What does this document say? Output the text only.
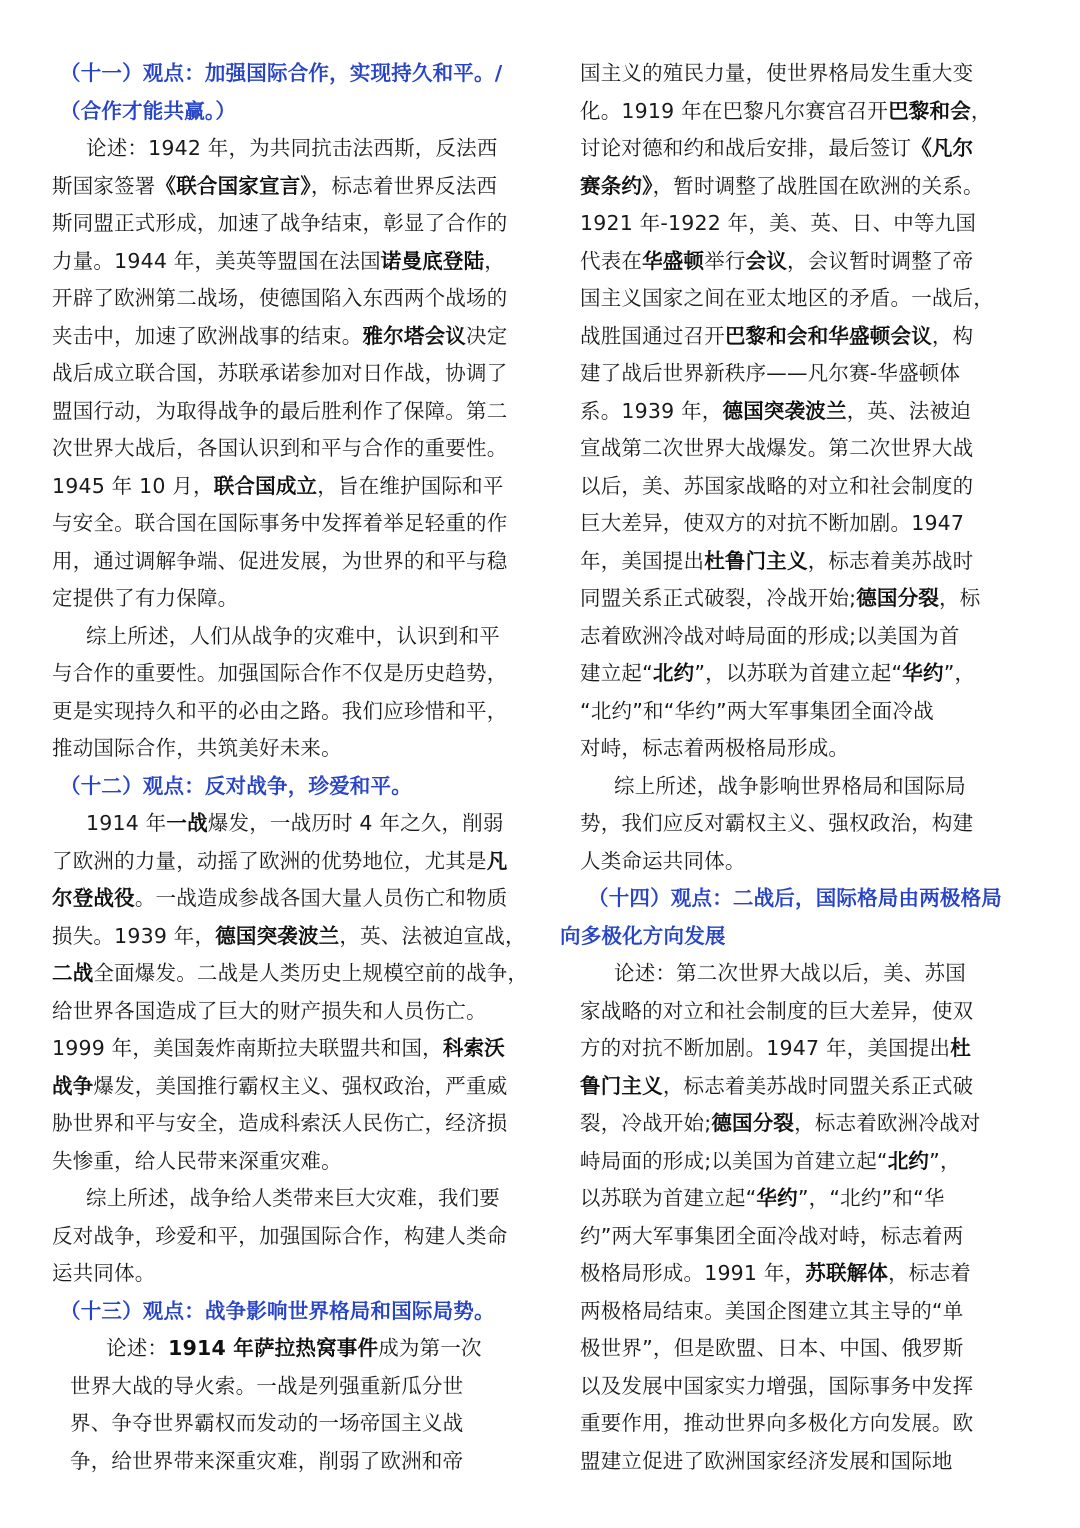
（十一）观点：加强国际合作，实现持久和平。/
（合作才能共赢。）
论述：1942 年，为共同抗击法西斯，反法西
斯国家签署《联合国家宣言》，标志着世界反法西
斯同盟正式形成，加速了战争结束，彰显了合作的
力量。1944 年，美英等盟国在法国诺曼底登陆，
开辟了欧洲第二战场，使德国陷入东西两个战场的
夹击中，加速了欧洲战事的结束。雅尔塔会议决定
战后成立联合国，苏联承诺参加对日作战，协调了
盟国行动，为取得战争的最后胜利作了保障。第二
次世界大战后，各国认识到和平与合作的重要性。
1945 年 10 月，联合国成立，旨在维护国际和平
与安全。联合国在国际事务中发挥着举足轻重的作
用，通过调解争端、促进发展，为世界的和平与稳
定提供了有力保障。
综上所述，人们从战争的灾难中，认识到和平
与合作的重要性。加强国际合作不仅是历史趋势，
更是实现持久和平的必由之路。我们应珍惜和平，
推动国际合作，共筑美好未来。
（十二）观点：反对战争，珍爱和平。
1914 年一战爆发，一战历时 4 年之久，削弱
了欧洲的力量，动摇了欧洲的优势地位，尤其是凡
尔登战役。一战造成参战各国大量人员伤亡和物质
损失。1939 年，德国突袭波兰，英、法被迫宣战，
二战全面爆发。二战是人类历史上规模空前的战争，
给世界各国造成了巨大的财产损失和人员伤亡。
1999 年，美国轰炸南斯拉夫联盟共和国，科索沃
战争爆发，美国推行霸权主义、强权政治，严重威
胁世界和平与安全，造成科索沃人民伤亡，经济损
失惨重，给人民带来深重灾难。
综上所述，战争给人类带来巨大灾难，我们要
反对战争，珍爱和平，加强国际合作，构建人类命
运共同体。
（十三）观点：战争影响世界格局和国际局势。
论述：1914 年萨拉热窝事件成为第一次
世界大战的导火索。一战是列强重新瓜分世
界、争夺世界霸权而发动的一场帝国主义战
争，给世界带来深重灾难，削弱了欧洲和帝
国主义的殖民力量，使世界格局发生重大变
化。1919 年在巴黎凡尔赛宫召开巴黎和会，
讨论对德和约和战后安排，最后签订《凡尔
赛条约》，暂时调整了战胜国在欧洲的关系。
1921 年-1922 年，美、英、日、中等九国
代表在华盛顿举行会议，会议暂时调整了帝
国主义国家之间在亚太地区的矛盾。一战后，
战胜国通过召开巴黎和会和华盛顿会议，构
建了战后世界新秩序——凡尔赛-华盛顿体
系。1939 年，德国突袭波兰，英、法被迫
宣战第二次世界大战爆发。第二次世界大战
以后，美、苏国家战略的对立和社会制度的
巨大差异，使双方的对抗不断加剧。1947
年，美国提出杜鲁门主义，标志着美苏战时
同盟关系正式破裂，冷战开始;德国分裂，标
志着欧洲冷战对峙局面的形成;以美国为首
建立起“北约”，以苏联为首建立起“华约”，
“北约”和“华约”两大军事集团全面冷战
对峙，标志着两极格局形成。
综上所述，战争影响世界格局和国际局
势，我们应反对霸权主义、强权政治，构建
人类命运共同体。
（十四）观点：二战后，国际格局由两极格局
向多极化方向发展
论述：第二次世界大战以后，美、苏国
家战略的对立和社会制度的巨大差异，使双
方的对抗不断加剧。1947 年，美国提出杜
鲁门主义，标志着美苏战时同盟关系正式破
裂，冷战开始;德国分裂，标志着欧洲冷战对
峙局面的形成;以美国为首建立起“北约”，
以苏联为首建立起“华约”，“北约”和“华
约”两大军事集团全面冷战对峙，标志着两
极格局形成。1991 年，苏联解体，标志着
两极格局结束。美国企图建立其主导的“单
极世界”，但是欧盟、日本、中国、俄罗斯
以及发展中国家实力增强，国际事务中发挥
重要作用，推动世界向多极化方向发展。欧
盟建立促进了欧洲国家经济发展和国际地
